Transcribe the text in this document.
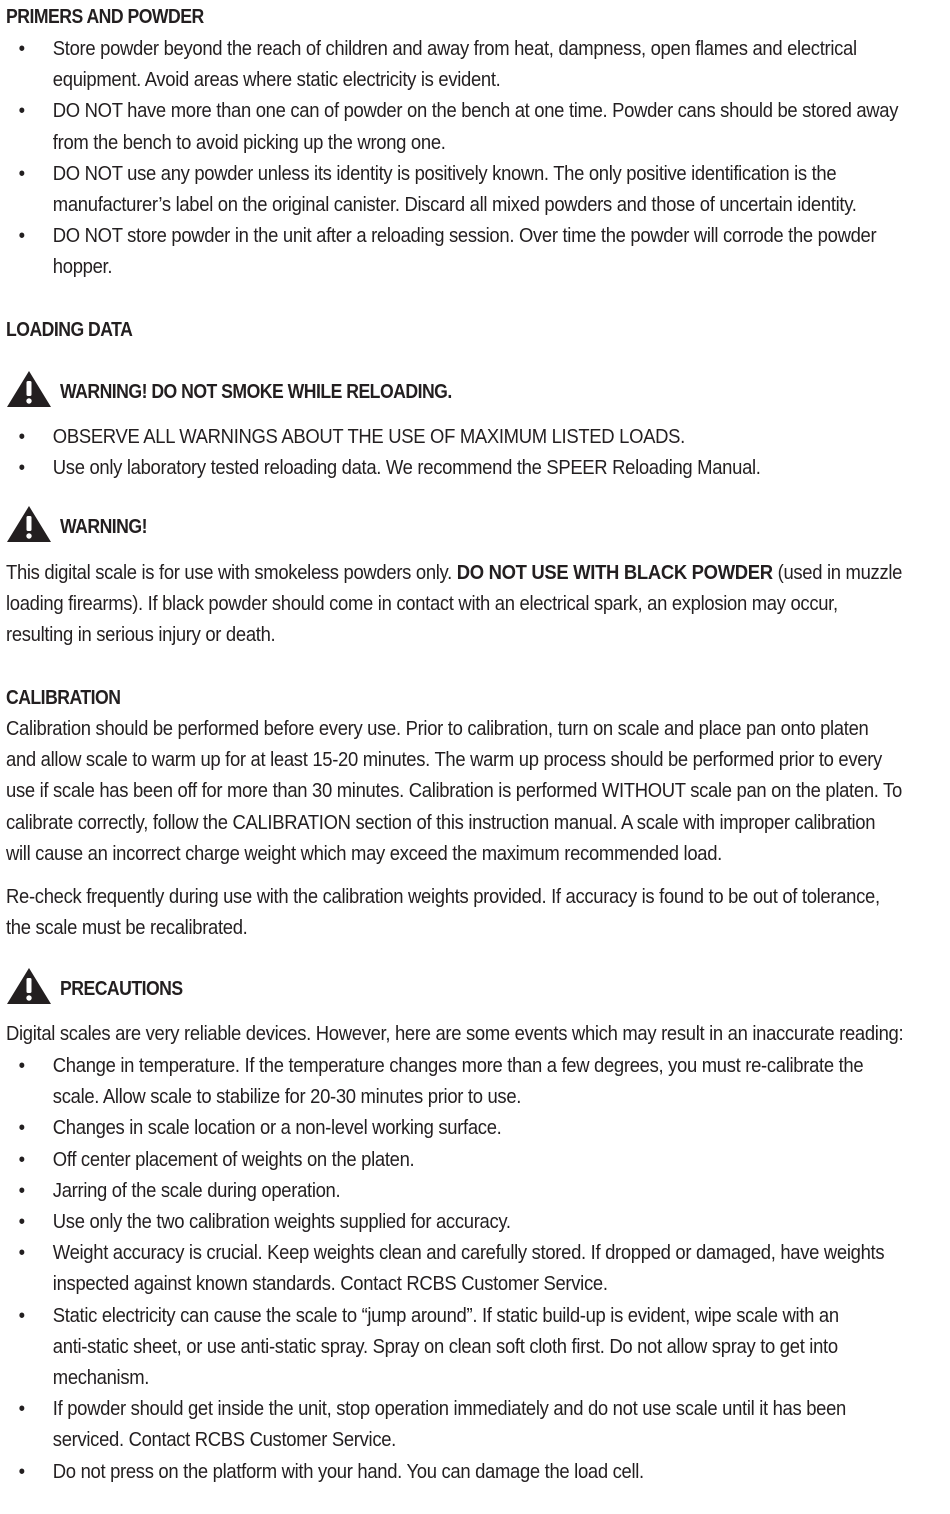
PRIMERS AND POWDER
• Store powder beyond the reach of children and away from heat, dampness, open flames and electrical
equipment. Avoid areas where static electricity is evident.
• DO NOT have more than one can of powder on the bench at one time. Powder cans should be stored away
from the bench to avoid picking up the wrong one.
• DO NOT use any powder unless its identity is positively known. The only positive identification is the
manufacturer’s label on the original canister. Discard all mixed powders and those of uncertain identity.
• DO NOT store powder in the unit after a reloading session. Over time the powder will corrode the powder
hopper.
LOADING DATA
WARNING! DO NOT SMOKE WHILE RELOADING.
• OBSERVE ALL WARNINGS ABOUT THE USE OF MAXIMUM LISTED LOADS.
• Use only laboratory tested reloading data. We recommend the SPEER Reloading Manual.
WARNING!

This digital scale is for use with smokeless powders only. DO NOT USE WITH BLACK POWDER (used in muzzle
loading firearms). If black powder should come in contact with an electrical spark, an explosion may occur,
resulting in serious injury or death.

CALIBRATION

Calibration should be performed before every use. Prior to calibration, turn on scale and place pan onto platen
and allow scale to warm up for at least 15-20 minutes. The warm up process should be performed prior to every
use if scale has been off for more than 30 minutes. Calibration is performed WITHOUT scale pan on the platen. To
calibrate correctly, follow the CALIBRATION section of this instruction manual. A scale with improper calibration
will cause an incorrect charge weight which may exceed the maximum recommended load.

Re-check frequently during use with the calibration weights provided. If accuracy is found to be out of tolerance,
the scale must be recalibrated.

PRECAUTIONS
Digital scales are very reliable devices. However, here are some events which may result in an inaccurate reading:
• Change in temperature. If the temperature changes more than a few degrees, you must re-calibrate the
scale. Allow scale to stabilize for 20-30 minutes prior to use.
• Changes in scale location or a non-level working surface.
• Off center placement of weights on the platen.
• Jarring of the scale during operation.
• Use only the two calibration weights supplied for accuracy.
• Weight accuracy is crucial. Keep weights clean and carefully stored. If dropped or damaged, have weights
inspected against known standards. Contact RCBS Customer Service.
• Static electricity can cause the scale to “jump around”. If static build-up is evident, wipe scale with an
anti-static sheet, or use anti-static spray. Spray on clean soft cloth first. Do not allow spray to get into
mechanism.
• If powder should get inside the unit, stop operation immediately and do not use scale until it has been
serviced. Contact RCBS Customer Service.
• Do not press on the platform with your hand. You can damage the load cell.
